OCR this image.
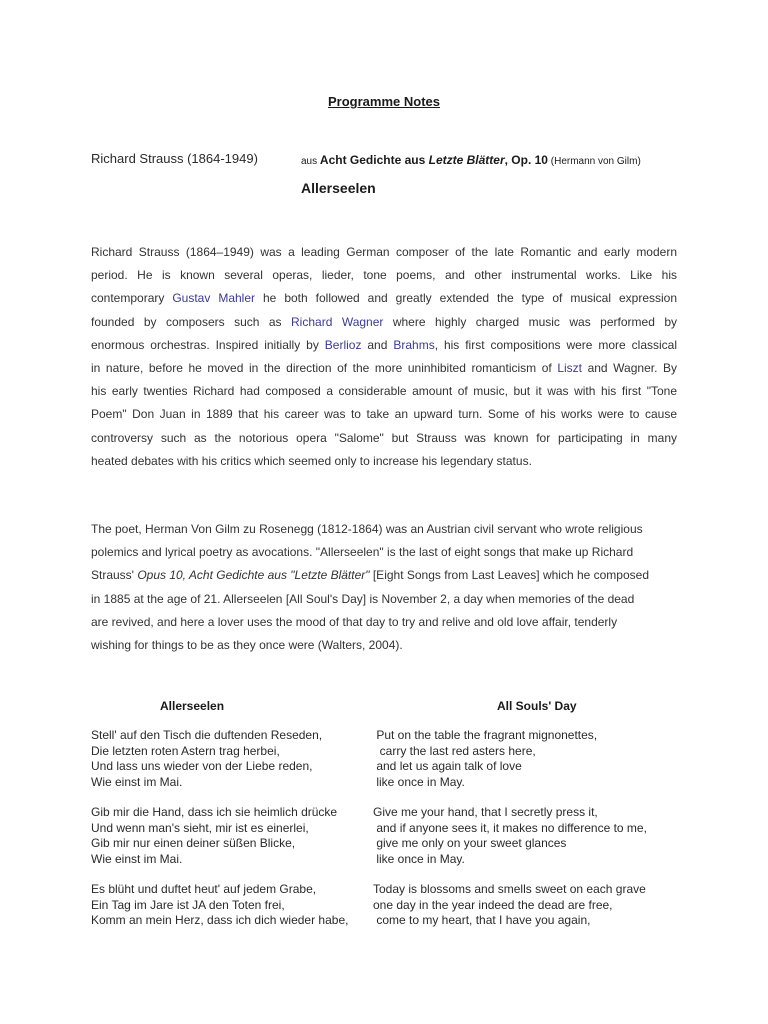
Programme Notes
Richard Strauss (1864-1949)	aus Acht Gedichte aus Letzte Blätter, Op. 10 (Hermann von Gilm)
Allerseelen
Richard Strauss (1864–1949) was a leading German composer of the late Romantic and early modern
period. He is known several operas, lieder, tone poems, and other instrumental works. Like his
contemporary Gustav Mahler he both followed and greatly extended the type of musical expression
founded by composers such as Richard Wagner where highly charged music was performed by
enormous orchestras. Inspired initially by Berlioz and Brahms, his first compositions were more classical
in nature, before he moved in the direction of the more uninhibited romanticism of Liszt and Wagner. By
his early twenties Richard had composed a considerable amount of music, but it was with his first "Tone
Poem" Don Juan in 1889 that his career was to take an upward turn. Some of his works were to cause
controversy such as the notorious opera "Salome" but Strauss was known for participating in many
heated debates with his critics which seemed only to increase his legendary status.
The poet, Herman Von Gilm zu Rosenegg (1812-1864) was an Austrian civil servant who wrote religious
polemics and lyrical poetry as avocations. "Allerseelen" is the last of eight songs that make up Richard
Strauss' Opus 10, Acht Gedichte aus "Letzte Blätter" [Eight Songs from Last Leaves] which he composed
in 1885 at the age of 21. Allerseelen [All Soul's Day] is November 2, a day when memories of the dead
are revived, and here a lover uses the mood of that day to try and relive and old love affair, tenderly
wishing for things to be as they once were (Walters, 2004).
Allerseelen	All Souls' Day
Stell' auf den Tisch die duftenden Reseden,
Die letzten roten Astern trag herbei,
Und lass uns wieder von der Liebe reden,
Wie einst im Mai.
Gib mir die Hand, dass ich sie heimlich drücke
Und wenn man's sieht, mir ist es einerlei,
Gib mir nur einen deiner süßen Blicke,
Wie einst im Mai.
Es blüht und duftet heut' auf jedem Grabe,
Ein Tag im Jare ist JA den Toten frei,
Komm an mein Herz, dass ich dich wieder habe,
Put on the table the fragrant mignonettes,
carry the last red asters here,
and let us again talk of love
like once in May.
Give me your hand, that I secretly press it,
and if anyone sees it, it makes no difference to me,
give me only on your sweet glances
like once in May.
Today is blossoms and smells sweet on each grave
one day in the year indeed the dead are free,
come to my heart, that I have you again,
